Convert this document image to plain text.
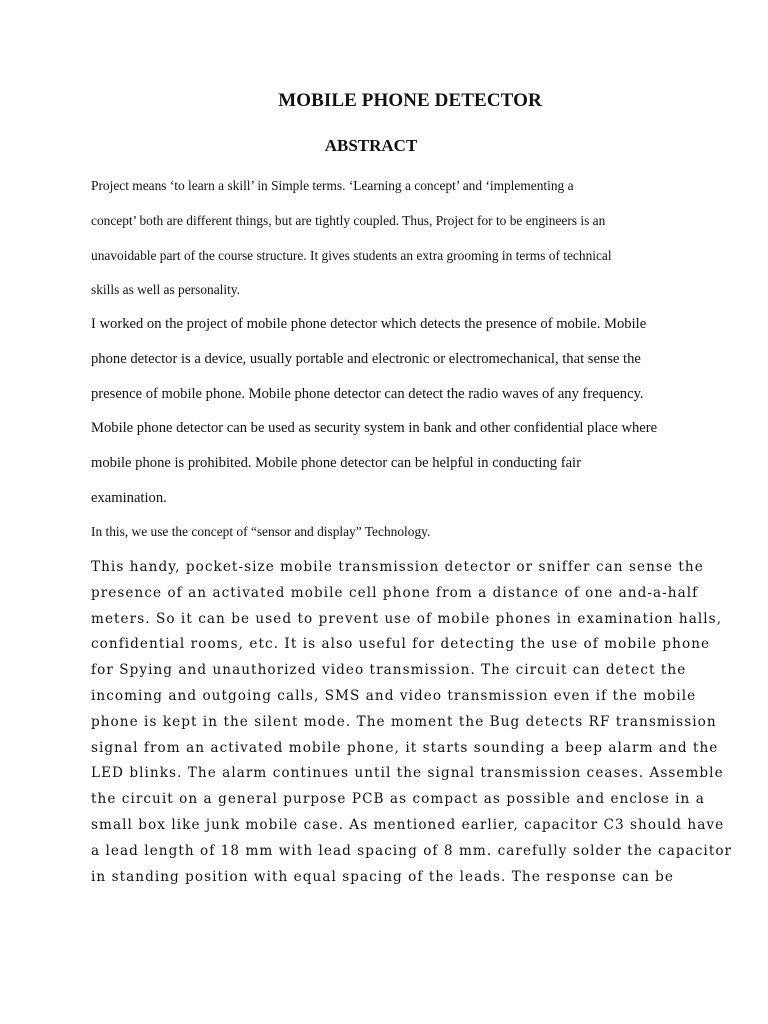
MOBILE PHONE DETECTOR
ABSTRACT
Project means ‘to learn a skill’ in Simple terms. ‘Learning a concept’ and ‘implementing a
concept’ both are different things, but are tightly coupled. Thus, Project for to be engineers is an
unavoidable part of the course structure. It gives students an extra grooming in terms of technical
skills as well as personality.
I worked on the project of mobile phone detector which detects the presence of mobile. Mobile
phone detector is a device, usually portable and electronic or electromechanical, that sense the
presence of mobile phone. Mobile phone detector can detect the radio waves of any frequency.
Mobile phone detector can be used as security system in bank and other confidential place where
mobile phone is prohibited. Mobile phone detector can be helpful in conducting fair
examination.
In this, we use the concept of “sensor and display” Technology.
This handy, pocket-size mobile transmission detector or sniffer can sense the
presence of an activated mobile cell phone from a distance of one and-a-half
meters. So it can be used to prevent use of mobile phones in examination halls,
confidential rooms, etc. It is also useful for detecting the use of mobile phone
for Spying and unauthorized video transmission. The circuit can detect the
incoming and outgoing calls, SMS and video transmission even if the mobile
phone is kept in the silent mode. The moment the Bug detects RF transmission
signal from an activated mobile phone, it starts sounding a beep alarm and the
LED blinks. The alarm continues until the signal transmission ceases. Assemble
the circuit on a general purpose PCB as compact as possible and enclose in a
small box like junk mobile case. As mentioned earlier, capacitor C3 should have
a lead length of 18 mm with lead spacing of 8 mm. carefully solder the capacitor
in standing position with equal spacing of the leads. The response can be
